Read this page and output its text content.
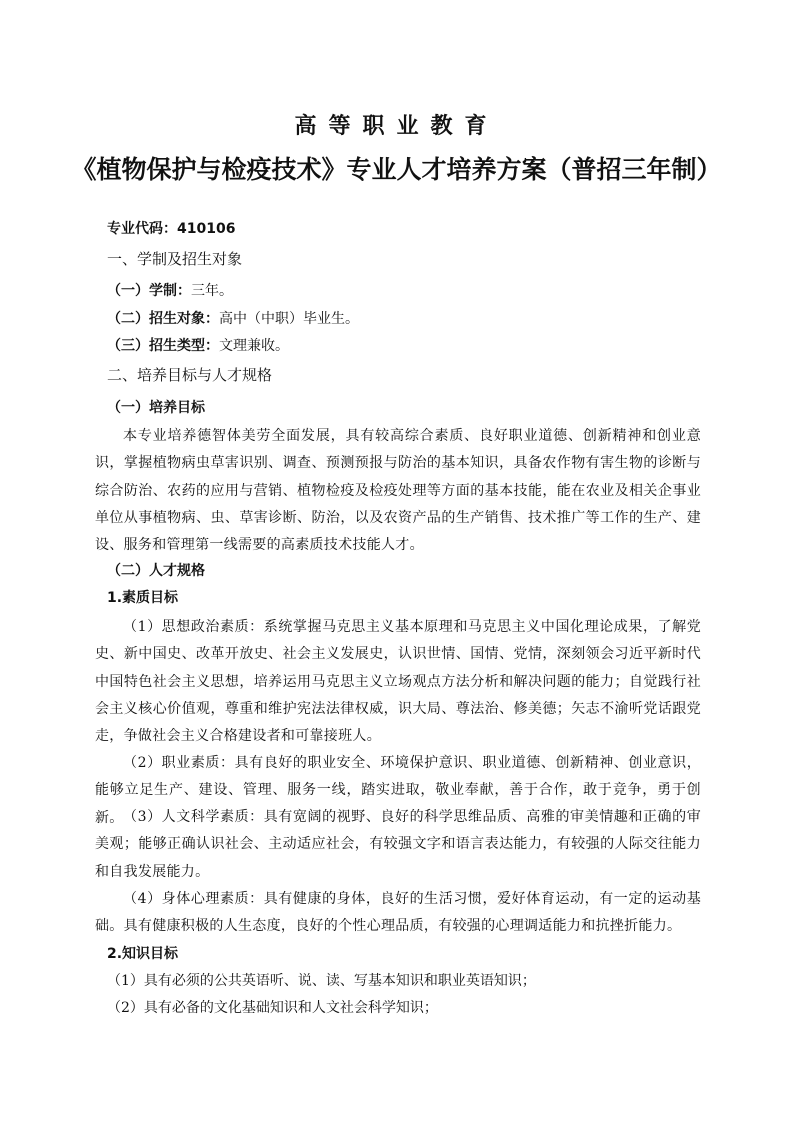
高等职业教育
《植物保护与检疫技术》专业人才培养方案（普招三年制）
专业代码：410106
一、学制及招生对象
（一）学制：三年。
（二）招生对象：高中（中职）毕业生。
（三）招生类型：文理兼收。
二、培养目标与人才规格
（一）培养目标
本专业培养德智体美劳全面发展，具有较高综合素质、良好职业道德、创新精神和创业意识，掌握植物病虫草害识别、调查、预测预报与防治的基本知识，具备农作物有害生物的诊断与综合防治、农药的应用与营销、植物检疫及检疫处理等方面的基本技能，能在农业及相关企事业单位从事植物病、虫、草害诊断、防治，以及农资产品的生产销售、技术推广等工作的生产、建设、服务和管理第一线需要的高素质技术技能人才。
（二）人才规格
1.素质目标
（1）思想政治素质：系统掌握马克思主义基本原理和马克思主义中国化理论成果，了解党史、新中国史、改革开放史、社会主义发展史，认识世情、国情、党情，深刻领会习近平新时代中国特色社会主义思想，培养运用马克思主义立场观点方法分析和解决问题的能力；自觉践行社会主义核心价值观，尊重和维护宪法法律权威，识大局、尊法治、修美德；矢志不渝听党话跟党走，争做社会主义合格建设者和可靠接班人。
（2）职业素质：具有良好的职业安全、环境保护意识、职业道德、创新精神、创业意识，能够立足生产、建设、管理、服务一线，踏实进取，敬业奉献，善于合作，敢于竞争，勇于创新。 （3）人文科学素质：具有宽阔的视野、良好的科学思维品质、高雅的审美情趣和正确的审美观；能够正确认识社会、主动适应社会，有较强文字和语言表达能力，有较强的人际交往能力和自我发展能力。
（4）身体心理素质：具有健康的身体，良好的生活习惯，爱好体育运动，有一定的运动基础。具有健康积极的人生态度，良好的个性心理品质，有较强的心理调适能力和抗挫折能力。
2.知识目标
（1）具有必须的公共英语听、说、读、写基本知识和职业英语知识；
（2）具有必备的文化基础知识和人文社会科学知识；
